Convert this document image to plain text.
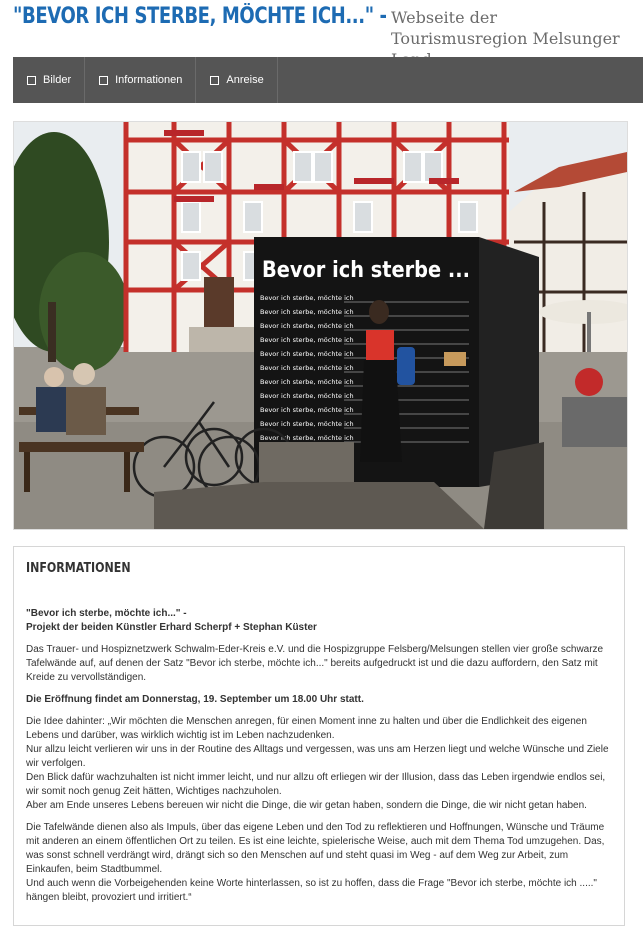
"BEVOR ICH STERBE, MÖCHTE ICH..." - Webseite der
Tourismusregion Melsunger
Bilder	Informationen	Anreise
Bevor ich sterbe ...
Bevor ich sterbe, möchte ich
Bevor ich sterbe, möchte ich
Bevor ich sterbe, möchte ich
Bevor ich sterbe, möchte ich
Bevor ich sterbe, möchte ich
Bevor ich sterbe, möchte ich
Bevor ich sterbe, möchte ich
Bevor ich sterbe, möchte ich
Bevor ich sterbe, möchte ich
Bevor ich sterbe, möchte ich
Bevor ich sterbe, möchte ich
INFORMATIONEN
"Bevor ich sterbe, möchte ich..." -
Projekt der beiden Künstler Erhard Scherpf + Stephan Küster

Das Trauer- und Hospiznetzwerk Schwalm-Eder-Kreis e.V. und die Hospizgruppe Felsberg/Melsungen stellen vier große schwarze Tafelwände auf, auf denen der Satz "Bevor ich sterbe, möchte ich..." bereits aufgedruckt ist und die dazu auffordern, den Satz mit Kreide zu vervollständigen.

Die Eröffnung findet am Donnerstag, 19. September um 18.00 Uhr statt.

Die Idee dahinter: „Wir möchten die Menschen anregen, für einen Moment inne zu halten und über die Endlichkeit des eigenen Lebens und darüber, was wirklich wichtig ist im Leben nachzudenken.
Nur allzu leicht verlieren wir uns in der Routine des Alltags und vergessen, was uns am Herzen liegt und welche Wünsche und Ziele wir verfolgen.
Den Blick dafür wachzuhalten ist nicht immer leicht, und nur allzu oft erliegen wir der Illusion, dass das Leben irgendwie endlos sei, wir somit noch genug Zeit hätten, Wichtiges nachzuholen.
Aber am Ende unseres Lebens bereuen wir nicht die Dinge, die wir getan haben, sondern die Dinge, die wir nicht getan haben.
Die Tafelwände dienen also als Impuls, über das eigene Leben und den Tod zu reflektieren und Hoffnungen, Wünsche und Träume mit anderen an einem öffentlichen Ort zu teilen. Es ist eine leichte, spielerische Weise, auch mit dem Thema Tod umzugehen. Das, was sonst schnell verdrängt wird, drängt sich so den Menschen auf und steht quasi im Weg - auf dem Weg zur Arbeit, zum Einkaufen, beim Stadtbummel.
Und auch wenn die Vorbeigehenden keine Worte hinterlassen, so ist zu hoffen, dass die Frage "Bevor ich sterbe, möchte ich ....." hängen bleibt, provoziert und irritiert.“
